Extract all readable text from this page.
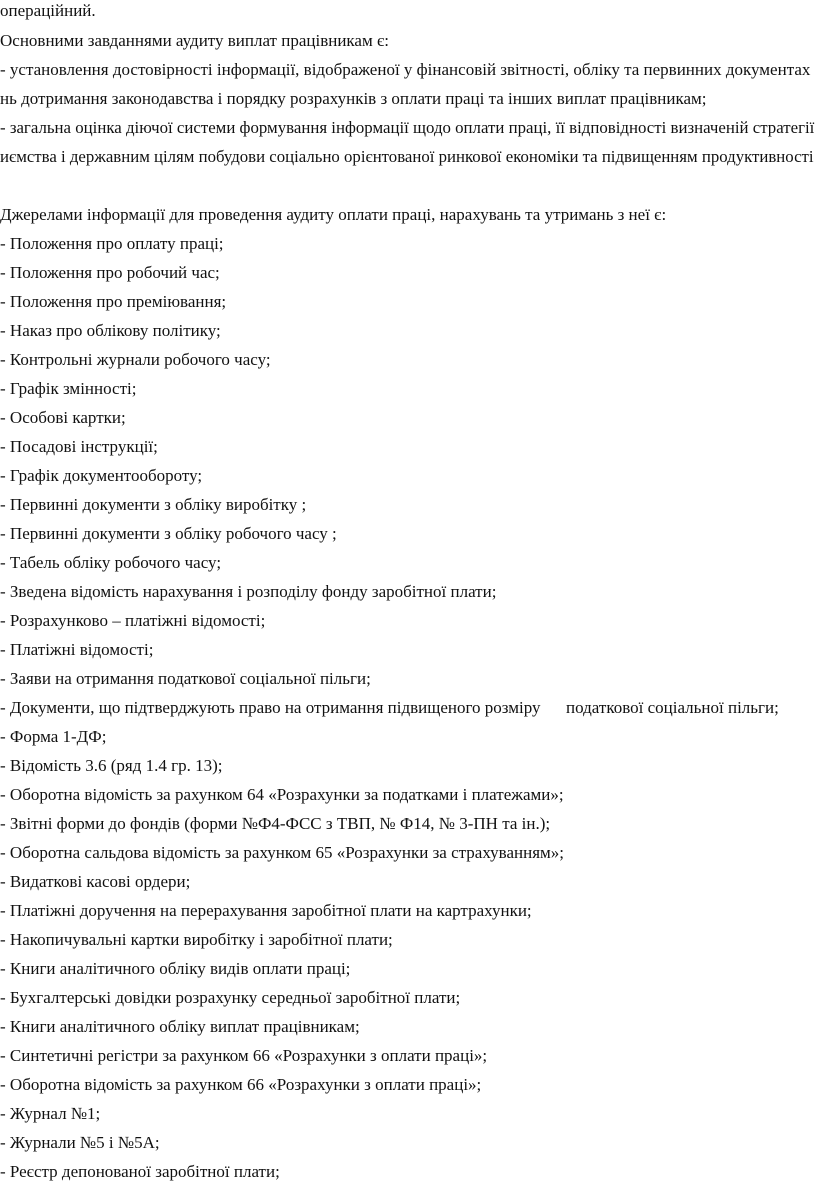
операційний.
Основними завданнями аудиту виплат працівникам є:
- установлення достовірності інформації, відображеної у фінансовій звітності, обліку та первинних документах
нь дотримання законодавства і порядку розрахунків з оплати праці та інших виплат працівникам;
- загальна оцінка діючої системи формування інформації щодо оплати праці, її відповідності визначеній стратегії
иємства і державним цілям побудови соціально орієнтованої ринкової економіки та підвищенням продуктивності
Джерелами інформації для проведення аудиту оплати праці, нарахувань та утримань з неї є:
- Положення про оплату праці;
- Положення про робочий час;
- Положення про преміювання;
- Наказ про облікову політику;
- Контрольні журнали робочого часу;
- Графік змінності;
- Особові картки;
- Посадові інструкції;
- Графік документообороту;
- Первинні документи з обліку виробітку ;
- Первинні документи з обліку робочого часу ;
- Табель обліку робочого часу;
- Зведена відомість нарахування і розподілу фонду заробітної плати;
- Розрахунково – платіжні відомості;
- Платіжні відомості;
- Заяви на отримання податкової соціальної пільги;
- Документи, що підтверджують право на отримання підвищеного розміру      податкової соціальної пільги;
- Форма 1-ДФ;
- Відомість 3.6 (ряд 1.4 гр. 13);
- Оборотна відомість за рахунком 64 «Розрахунки за податками і платежами»;
- Звітні форми до фондів (форми №Ф4-ФСС з ТВП, № Ф14, № 3-ПН та ін.);
- Оборотна сальдова відомість за рахунком 65 «Розрахунки за страхуванням»;
- Видаткові касові ордери;
- Платіжні доручення на перерахування заробітної плати на картрахунки;
- Накопичувальні картки виробітку і заробітної плати;
- Книги аналітичного обліку видів оплати праці;
- Бухгалтерські довідки розрахунку середньої заробітної плати;
- Книги аналітичного обліку виплат працівникам;
- Синтетичні регістри за рахунком 66 «Розрахунки з оплати праці»;
- Оборотна відомість за рахунком 66 «Розрахунки з оплати праці»;
- Журнал №1;
- Журнали №5 і №5А;
- Реєстр депонованої заробітної плати;
